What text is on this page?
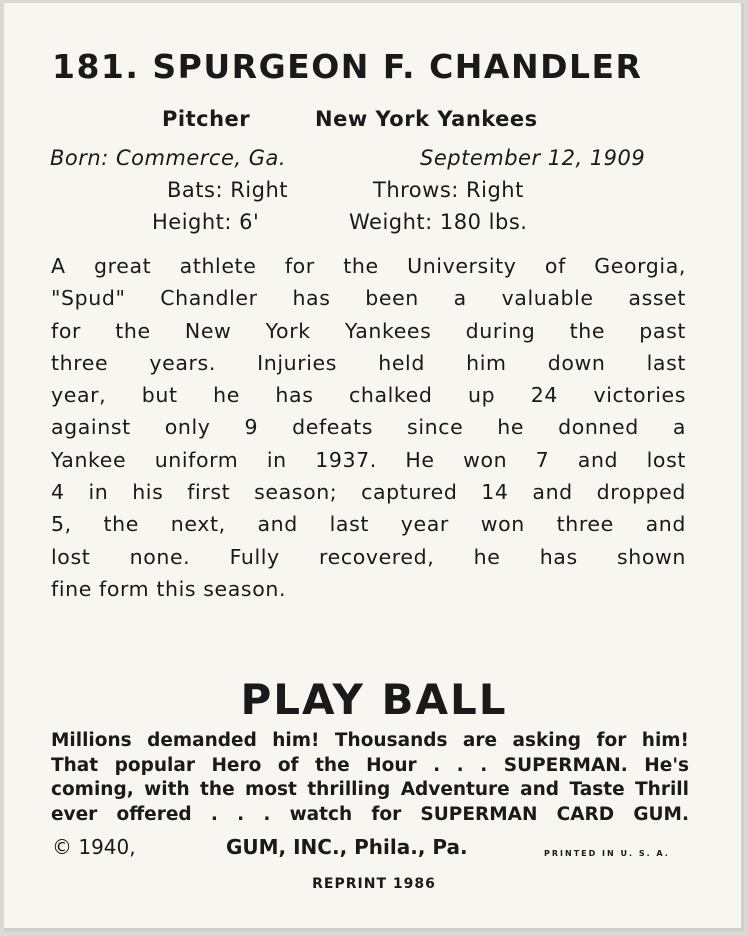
181. SPURGEON F. CHANDLER
Pitcher	New York Yankees
Born: Commerce, Ga.	September 12, 1909
Bats: Right	Throws: Right
Height: 6'	Weight: 180 lbs.
A great athlete for the University of Georgia,
"Spud" Chandler has been a valuable asset
for the New York Yankees during the past
three years. Injuries held him down last
year, but he has chalked up 24 victories
against only 9 defeats since he donned a
Yankee uniform in 1937. He won 7 and lost
4 in his first season; captured 14 and dropped
5, the next, and last year won three and
lost none. Fully recovered, he has shown
fine form this season.
PLAY BALL
Millions demanded him! Thousands are asking for him!
That popular Hero of the Hour . . . SUPERMAN. He's
coming, with the most thrilling Adventure and Taste Thrill
ever offered . . . watch for SUPERMAN CARD GUM.
© 1940,	GUM, INC., Phila., Pa.	PRINTED IN U. S. A.
REPRINT 1986
